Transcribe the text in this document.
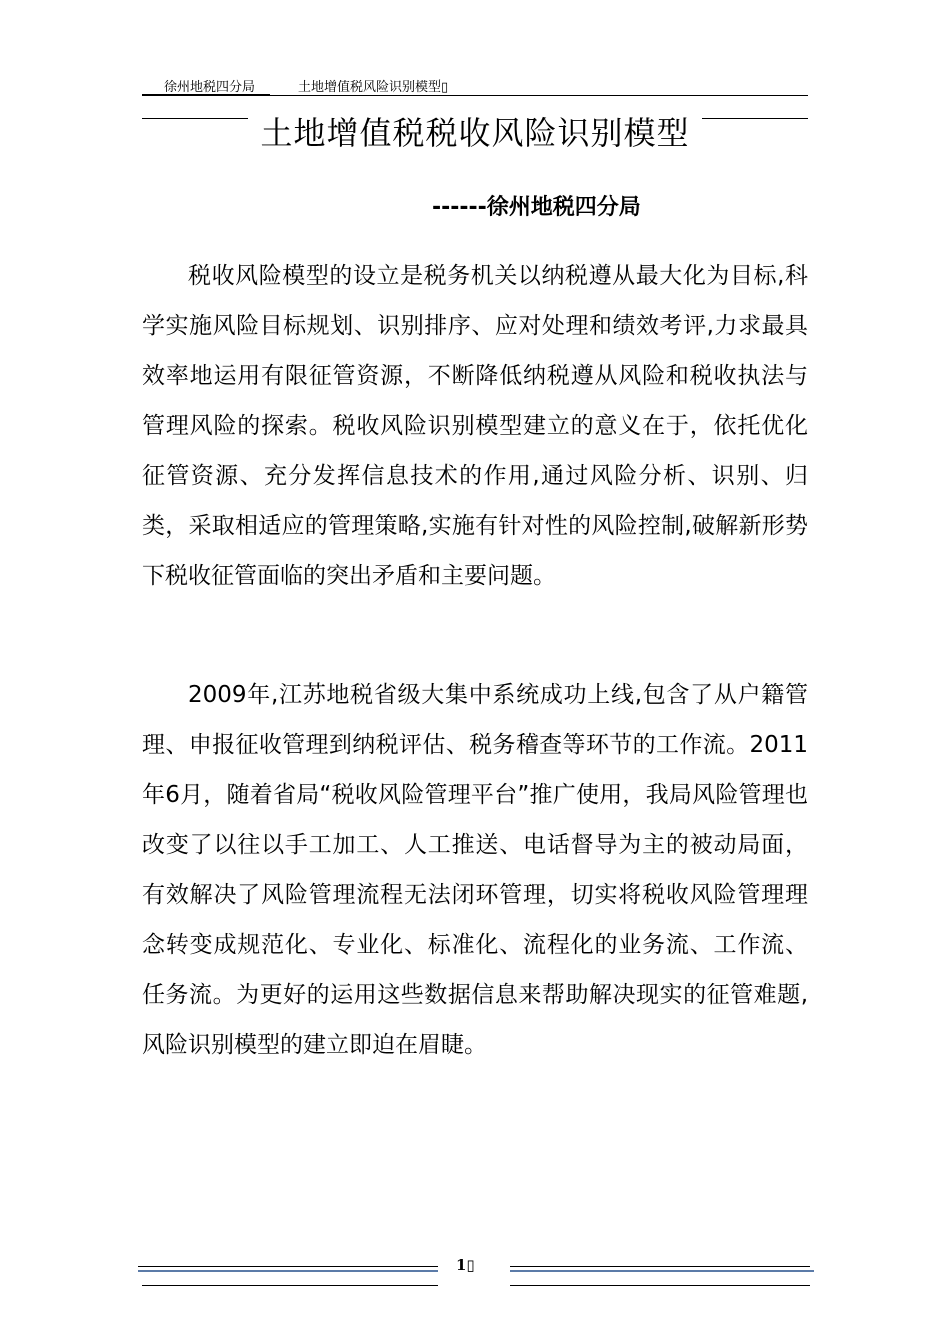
徐州地税四分局	土地增值税风险识别模型▯
土地增值税税收风险识别模型
------徐州地税四分局

税收风险模型的设立是税务机关以纳税遵从最大化为目标,科学实施风险目标规划、识别排序、应对处理和绩效考评,力求最具效率地运用有限征管资源，不断降低纳税遵从风险和税收执法与管理风险的探索。税收风险识别模型建立的意义在于，依托优化征管资源、充分发挥信息技术的作用,通过风险分析、识别、归类，采取相适应的管理策略,实施有针对性的风险控制,破解新形势下税收征管面临的突出矛盾和主要问题。

2009年,江苏地税省级大集中系统成功上线,包含了从户籍管理、申报征收管理到纳税评估、税务稽查等环节的工作流。2011年6月，随着省局“税收风险管理平台”推广使用，我局风险管理也改变了以往以手工加工、人工推送、电话督导为主的被动局面，有效解决了风险管理流程无法闭环管理，切实将税收风险管理理念转变成规范化、专业化、标准化、流程化的业务流、工作流、任务流。为更好的运用这些数据信息来帮助解决现实的征管难题,风险识别模型的建立即迫在眉睫。

1▯
